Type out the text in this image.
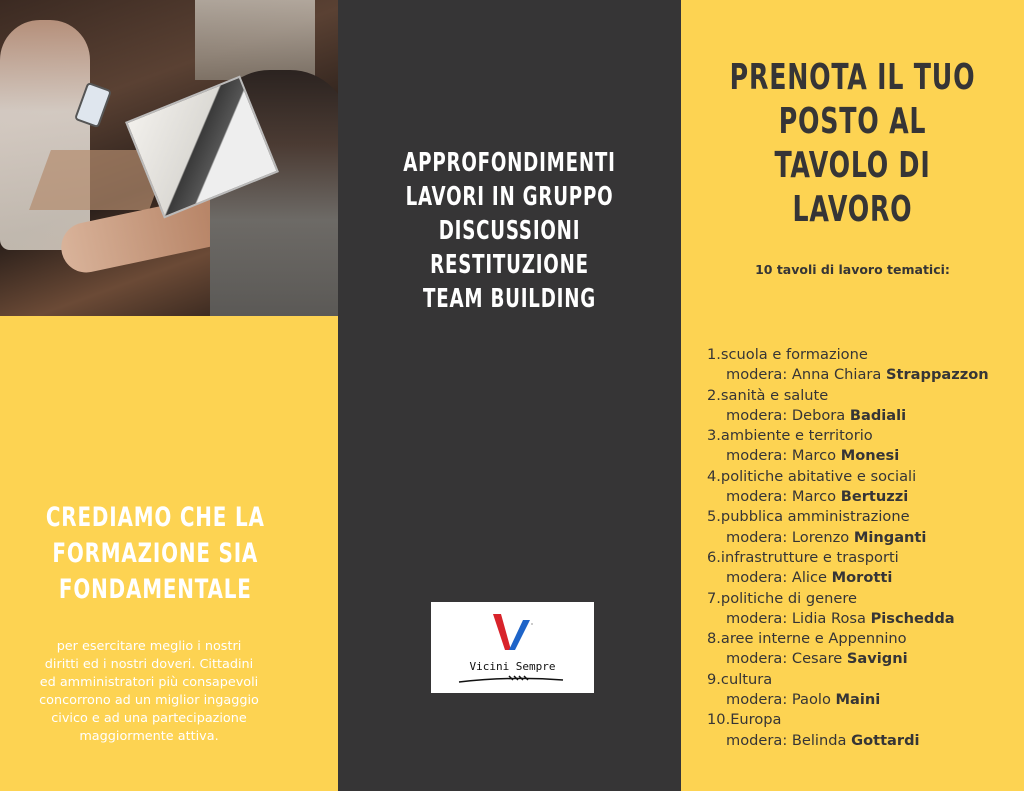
CREDIAMO CHE LA
FORMAZIONE SIA
FONDAMENTALE
per esercitare meglio i nostri diritti ed i nostri doveri. Cittadini ed amministratori più consapevoli concorrono ad un miglior ingaggio civico e ad una partecipazione maggiormente attiva.
APPROFONDIMENTI
LAVORI IN GRUPPO
DISCUSSIONI
RESTITUZIONE
TEAM BUILDING
Vicini Sempre
PRENOTA IL TUO
POSTO AL TAVOLO DI
LAVORO
10 tavoli di lavoro tematici:
1.scuola e formazione
modera: Anna Chiara Strappazzon
2.sanità e salute
modera: Debora Badiali
3.ambiente e territorio
modera: Marco Monesi
4.politiche abitative e sociali
modera: Marco Bertuzzi
5.pubblica amministrazione
modera: Lorenzo Minganti
6.infrastrutture e trasporti
modera: Alice Morotti
7.politiche di genere
modera: Lidia Rosa Pischedda
8.aree interne e Appennino
modera: Cesare Savigni
9.cultura
modera: Paolo Maini
10.Europa
modera: Belinda Gottardi
